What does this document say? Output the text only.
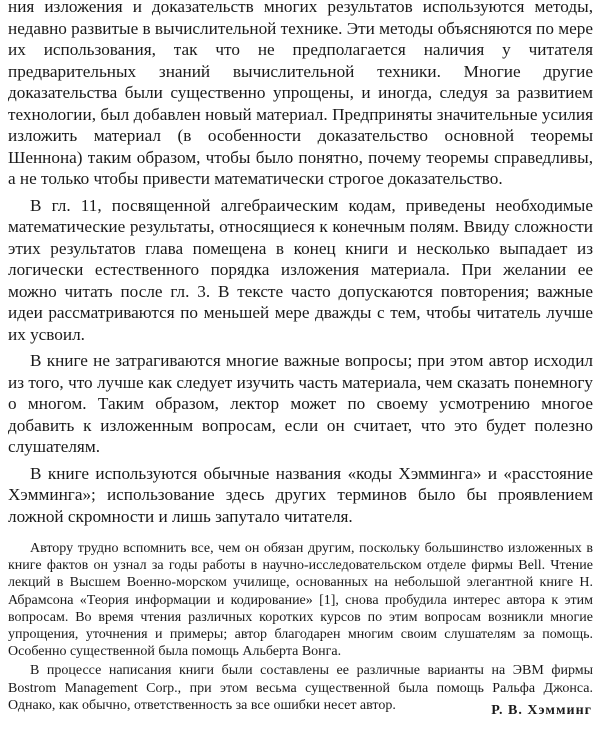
ния изложения и доказательств многих результатов используются методы, недавно развитые в вычислительной технике. Эти методы объясняются по мере их использования, так что не предполагается наличия у читателя предварительных знаний вычислительной техники. Многие другие доказательства были существенно упрощены, и иногда, следуя за развитием технологии, был добавлен новый материал. Предприняты значительные усилия изложить материал (в особенности доказательство основной теоремы Шеннона) таким образом, чтобы было понятно, почему теоремы справедливы, а не только чтобы привести математически строгое доказательство.

В гл. 11, посвященной алгебраическим кодам, приведены необходимые математические результаты, относящиеся к конечным полям. Ввиду сложности этих результатов глава помещена в конец книги и несколько выпадает из логически естественного порядка изложения материала. При желании ее можно читать после гл. 3. В тексте часто допускаются повторения; важные идеи рассматриваются по меньшей мере дважды с тем, чтобы читатель лучше их усвоил.

В книге не затрагиваются многие важные вопросы; при этом автор исходил из того, что лучше как следует изучить часть материала, чем сказать понемногу о многом. Таким образом, лектор может по своему усмотрению многое добавить к изложенным вопросам, если он считает, что это будет полезно слушателям.

В книге используются обычные названия «коды Хэмминга» и «расстояние Хэмминга»; использование здесь других терминов было бы проявлением ложной скромности и лишь запутало читателя.

Автору трудно вспомнить все, чем он обязан другим, поскольку большинство изложенных в книге фактов он узнал за годы работы в научно-исследовательском отделе фирмы Bell. Чтение лекций в Высшем Военно-морском училище, основанных на небольшой элегантной книге Н. Абрамсона «Теория информации и кодирование» [1], снова пробудила интерес автора к этим вопросам. Во время чтения различных коротких курсов по этим вопросам возникли многие упрощения, уточнения и примеры; автор благодарен многим своим слушателям за помощь. Особенно существенной была помощь Альберта Вонга.

В процессе написания книги были составлены ее различные варианты на ЭВМ фирмы Bostrom Management Corp., при этом весьма существенной была помощь Ральфа Джонса. Однако, как обычно, ответственность за все ошибки несет автор.	Р. В. Хэмминг
